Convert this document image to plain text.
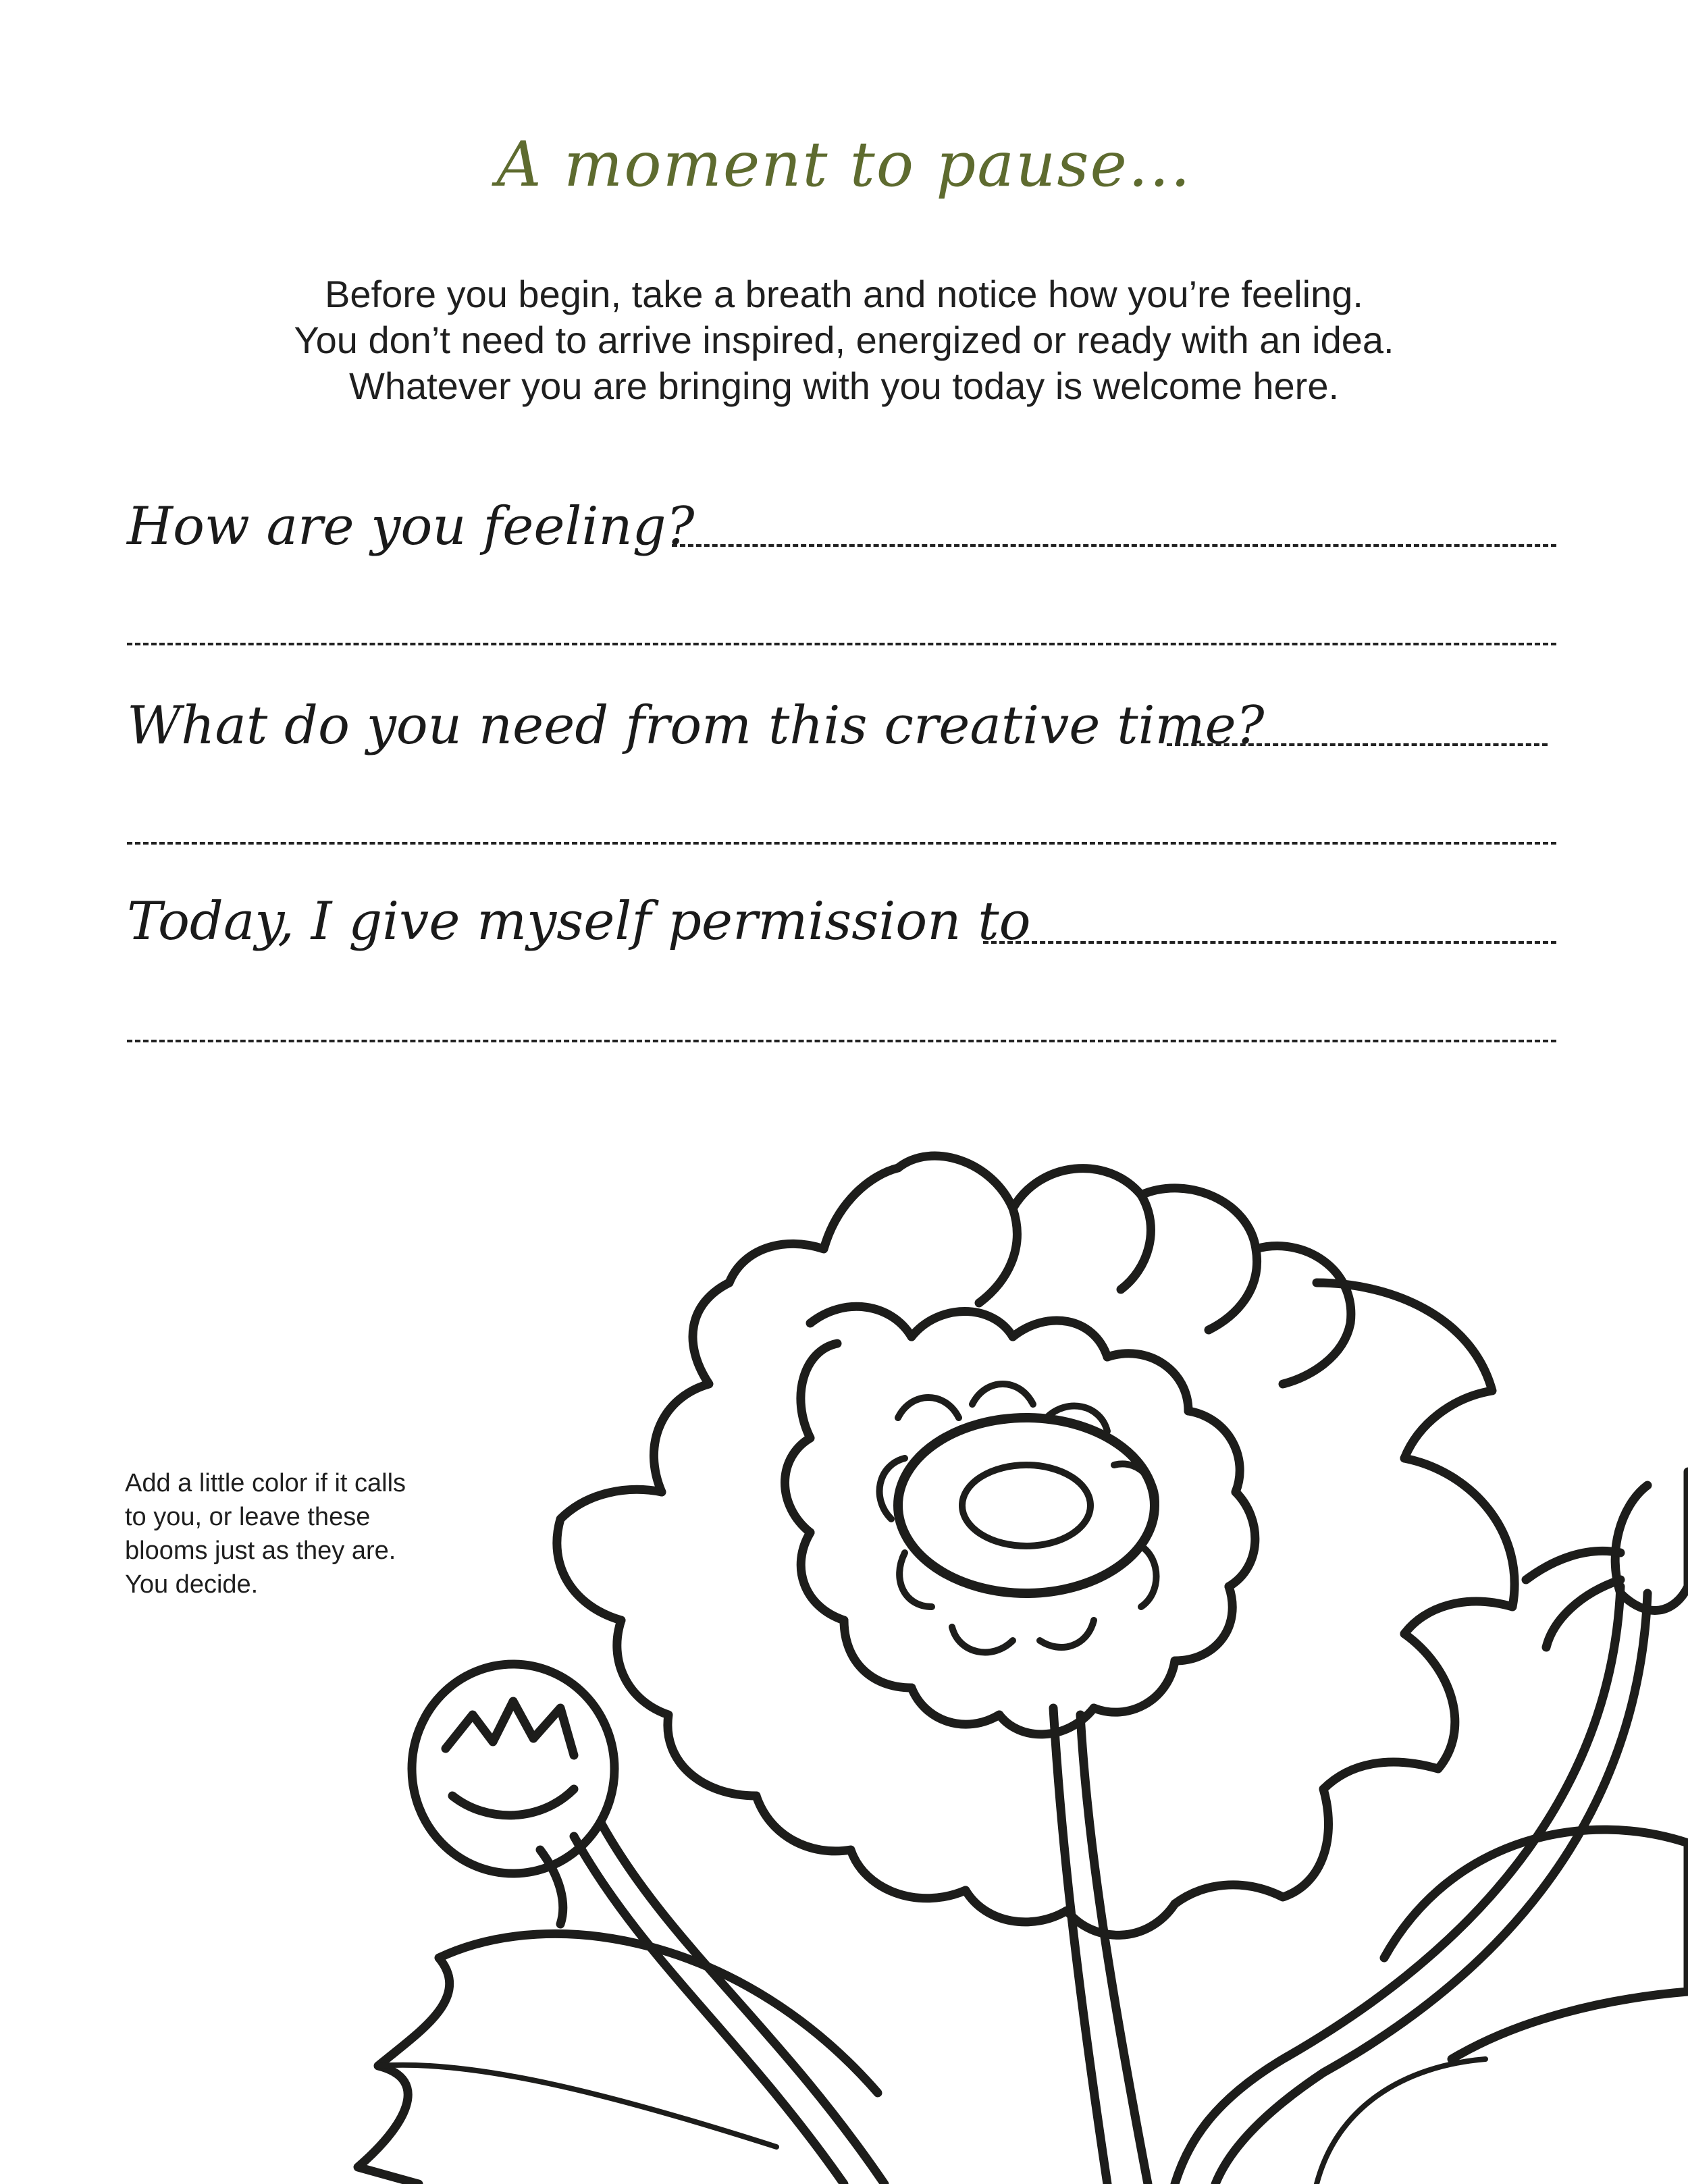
A moment to pause...
Before you begin, take a breath and notice how you’re feeling.
You don’t need to arrive inspired, energized or ready with an idea.
Whatever you are bringing with you today is welcome here.
How are you feeling?
What do you need from this creative time?
Today, I give myself permission to
Add a little color if it calls
to you, or leave these
blooms just as they are.
You decide.
